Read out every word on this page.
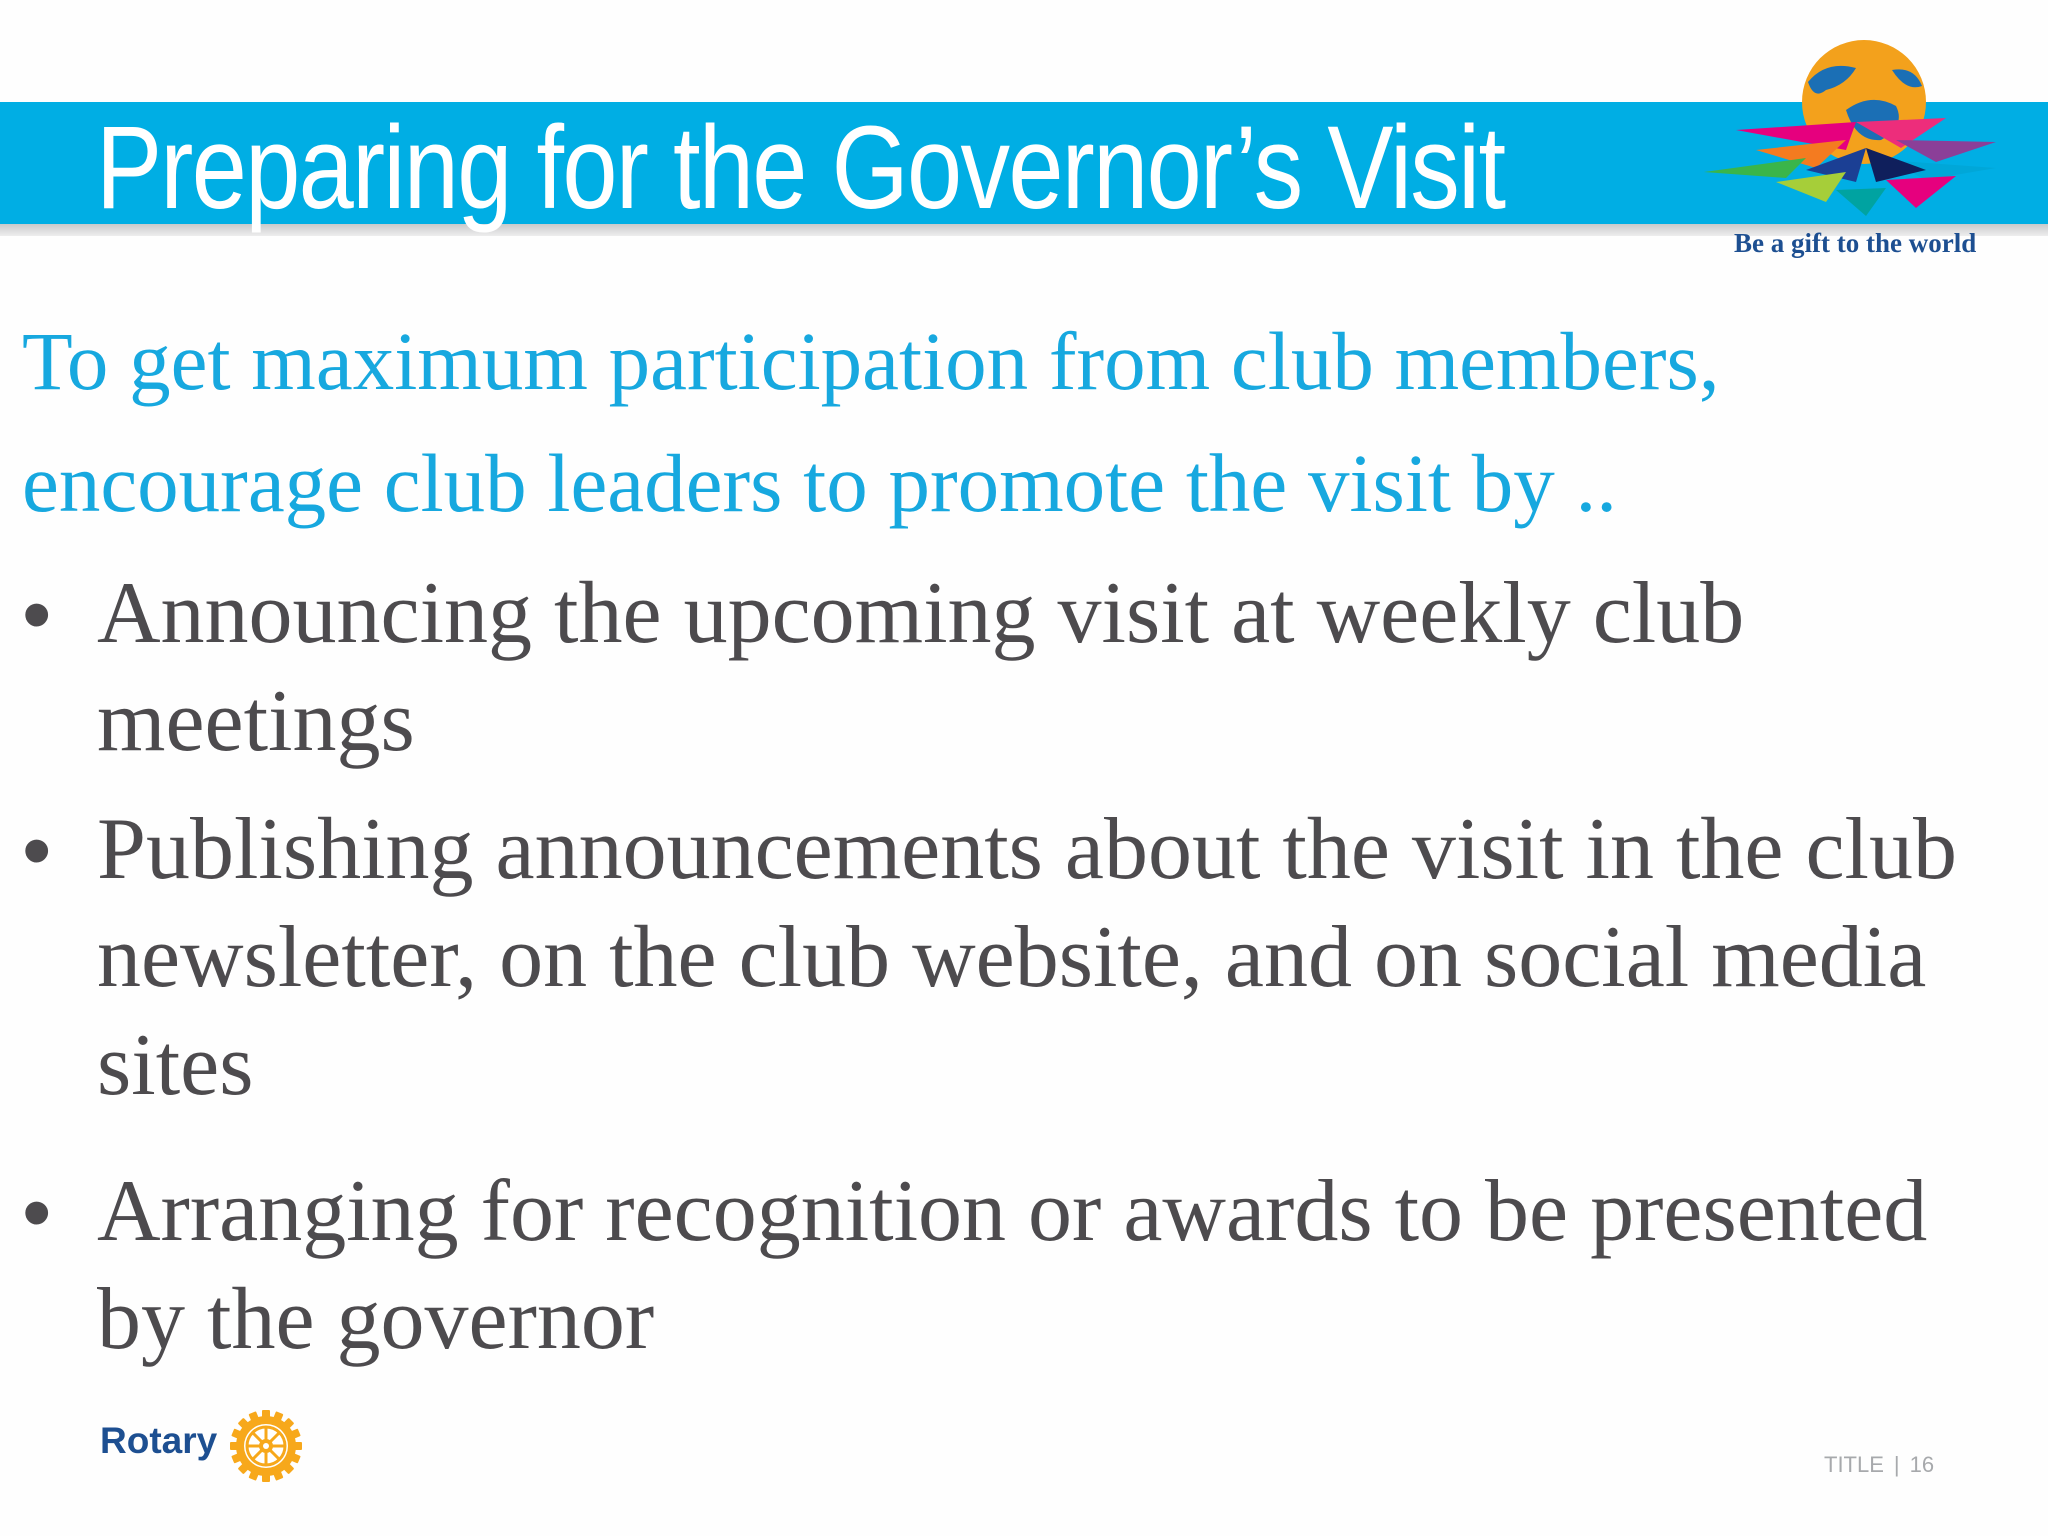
Preparing for the Governor’s Visit

Be a gift to the world

To get maximum participation from club members,
encourage club leaders to promote the visit by ..

• Announcing the upcoming visit at weekly club meetings
• Publishing announcements about the visit in the club newsletter, on the club website, and on social media sites
• Arranging for recognition or awards to be presented by the governor
Rotary
TITLE | 16
